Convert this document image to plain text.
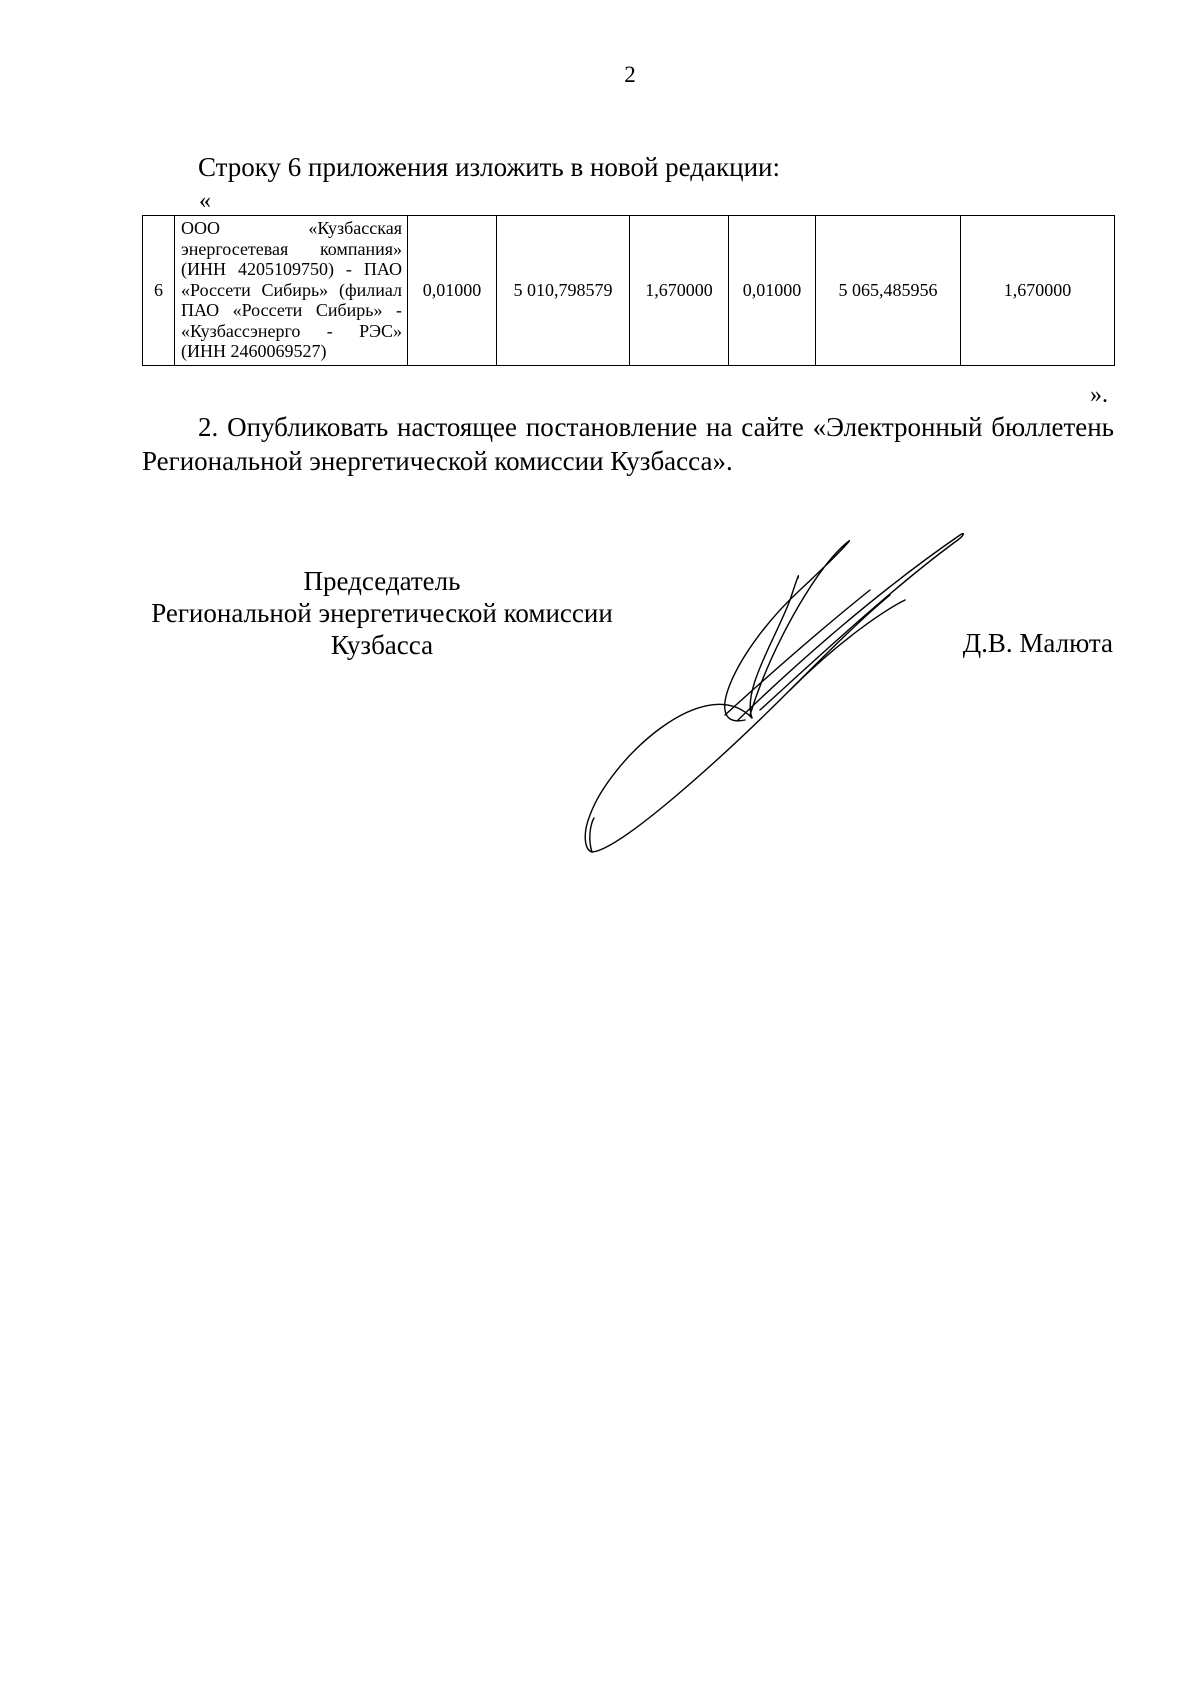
2
Строку 6 приложения изложить в новой редакции:
«
6	ООО «Кузбасская энергосетевая компания» (ИНН 4205109750) - ПАО «Россети Сибирь» (филиал ПАО «Россети Сибирь» - «Кузбассэнерго - РЭС» (ИНН 2460069527)	0,01000	5 010,798579	1,670000	0,01000	5 065,485956	1,670000
».
2. Опубликовать настоящее постановление на сайте «Электронный бюллетень Региональной энергетической комиссии Кузбасса».
Председатель
Региональной энергетической комиссии
Кузбасса	Д.В. Малюта
